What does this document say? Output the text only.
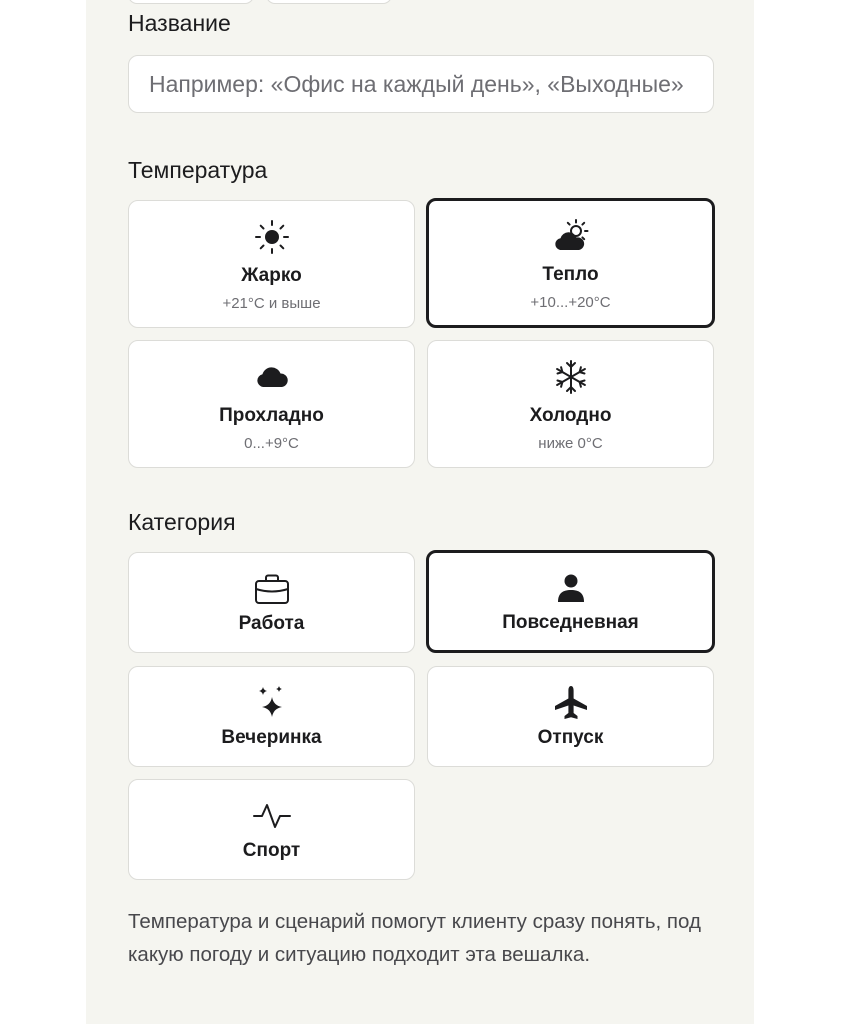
Название
Например: «Офис на каждый день», «Выходные»
Температура
Жарко
+21°C и выше
Тепло
+10...+20°C
Прохладно
0...+9°C
Холодно
ниже 0°C
Категория
Работа	Повседневная
Вечеринка	Отпуск
Спорт

Температура и сценарий помогут клиенту сразу понять, под какую погоду и ситуацию подходит эта вешалка.
